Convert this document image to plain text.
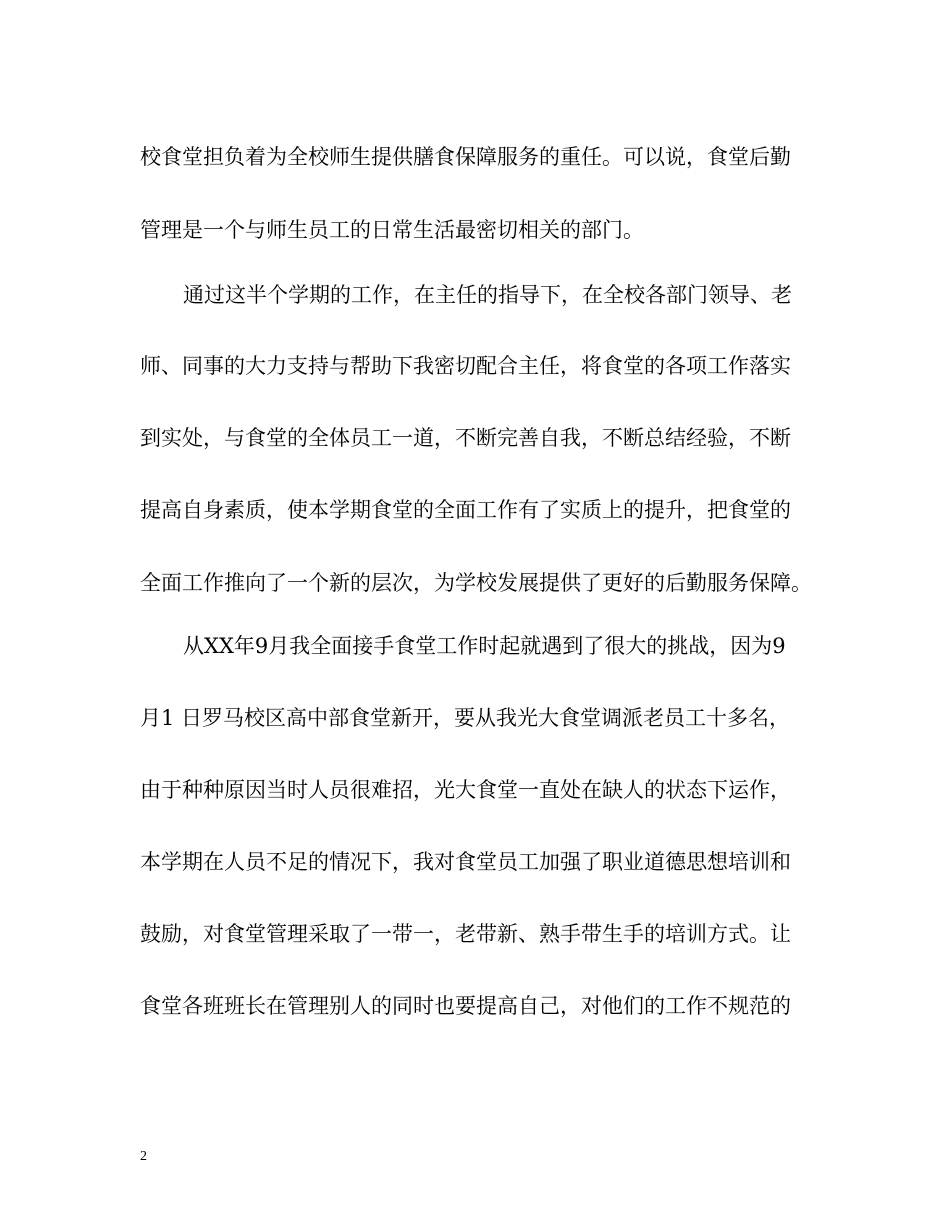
校食堂担负着为全校师生提供膳食保障服务的重任。可以说，食堂后勤
管理是一个与师生员工的日常生活最密切相关的部门。
通过这半个学期的工作，在主任的指导下，在全校各部门领导、老
师、同事的大力支持与帮助下我密切配合主任，将食堂的各项工作落实
到实处，与食堂的全体员工一道，不断完善自我，不断总结经验，不断
提高自身素质，使本学期食堂的全面工作有了实质上的提升，把食堂的
全面工作推向了一个新的层次，为学校发展提供了更好的后勤服务保障。
从XX年9月我全面接手食堂工作时起就遇到了很大的挑战，因为9
月1 日罗马校区高中部食堂新开，要从我光大食堂调派老员工十多名，
由于种种原因当时人员很难招，光大食堂一直处在缺人的状态下运作，
本学期在人员不足的情况下，我对食堂员工加强了职业道德思想培训和
鼓励，对食堂管理采取了一带一，老带新、熟手带生手的培训方式。让
食堂各班班长在管理别人的同时也要提高自己，对他们的工作不规范的
2
